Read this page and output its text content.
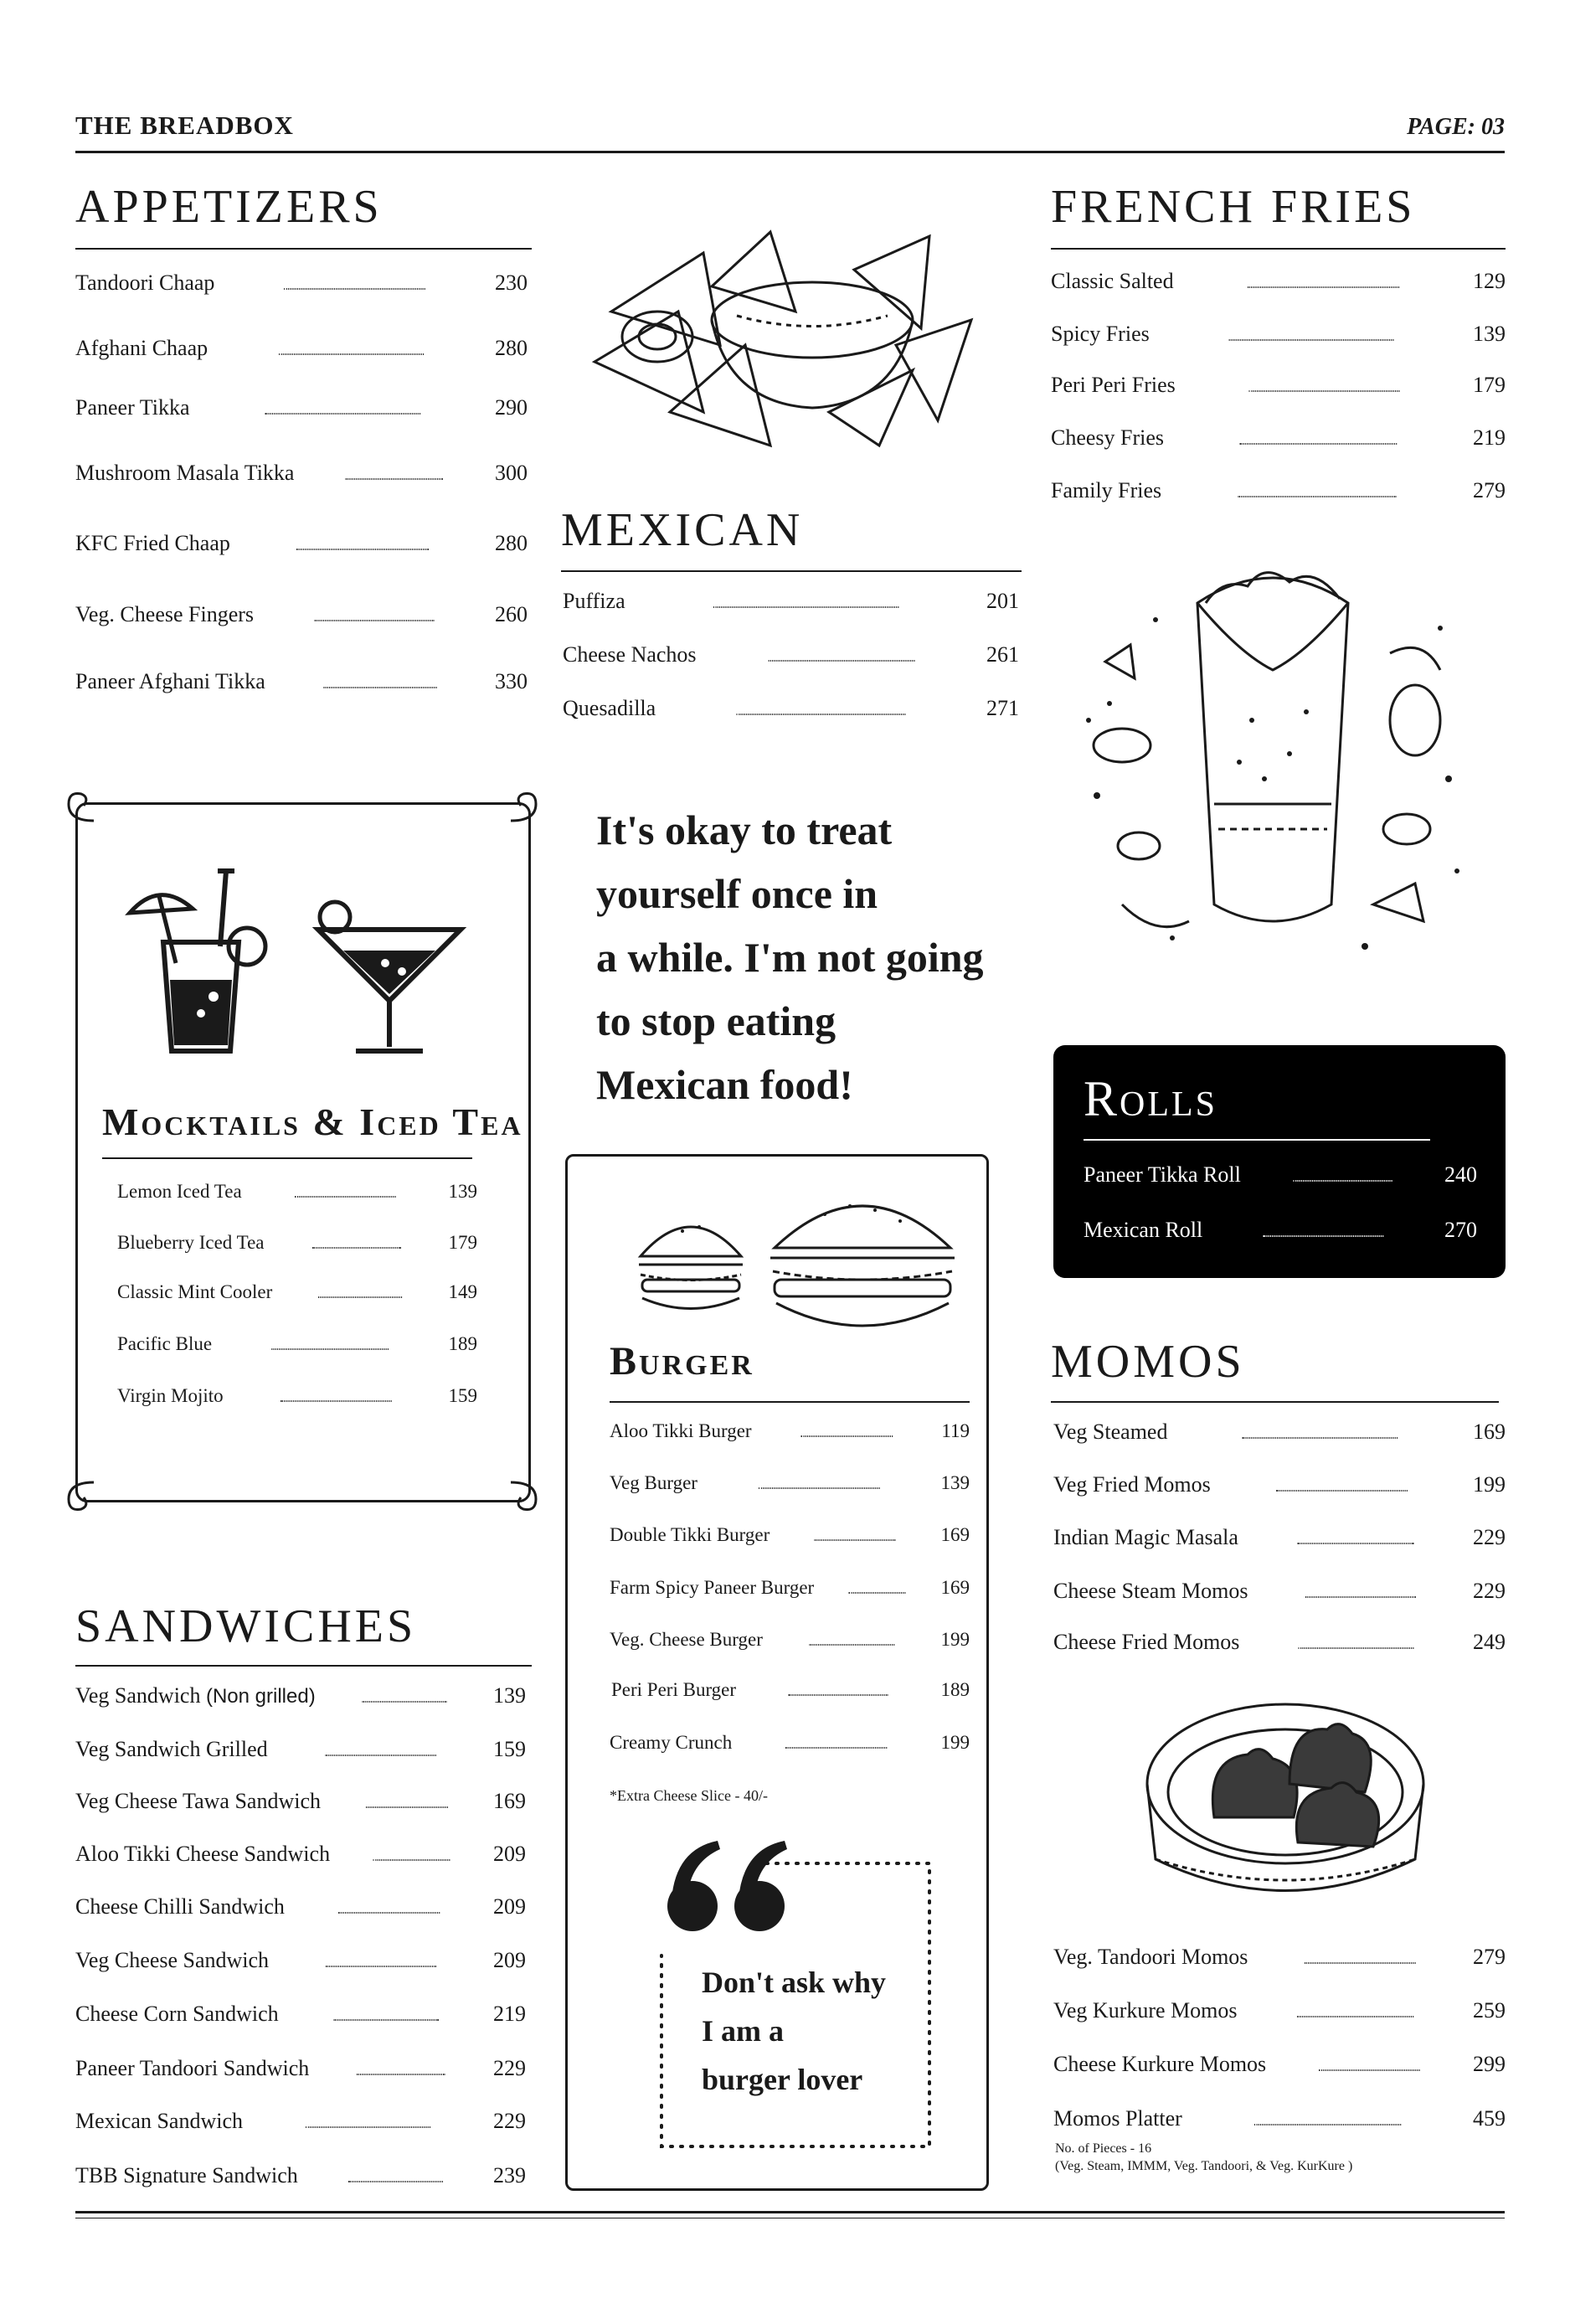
THE BREADBOX	PAGE: 03
APPETIZERS
Tandoori Chaap	230
Afghani Chaap	280
Paneer Tikka	290
Mushroom Masala Tikka	300
KFC Fried Chaap	280
Veg. Cheese Fingers	260
Paneer Afghani Tikka	330
MEXICAN
Puffiza	201
Cheese Nachos	261
Quesadilla	271
FRENCH FRIES
Classic Salted	129
Spicy Fries	139
Peri Peri Fries	179
Cheesy Fries	219
Family Fries	279
Mocktails & Iced Tea
Lemon Iced Tea	139
Blueberry Iced Tea	179
Classic Mint Cooler	149
Pacific Blue	189
Virgin Mojito	159
It's okay to treat
yourself once in
a while. I'm not going
to stop eating
Mexican food!	Rolls
Paneer Tikka Roll	240
Mexican Roll	270
Burger
Aloo Tikki Burger	119
Veg Burger	139
Double Tikki Burger	169
Farm Spicy Paneer Burger	169
Veg. Cheese Burger	199
Peri Peri Burger	189
Creamy Crunch	199
*Extra Cheese Slice - 40/-
Don't ask why
I am a
burger lover
MOMOS
Veg Steamed	169
Veg Fried Momos	199
Indian Magic Masala	229
Cheese Steam Momos	229
Cheese Fried Momos	249
Veg. Tandoori Momos	279
Veg Kurkure Momos	259
Cheese Kurkure Momos	299
Momos Platter	459
No. of Pieces - 16
(Veg. Steam, IMMM, Veg. Tandoori, & Veg. KurKure )
SANDWICHES
Veg Sandwich (Non grilled)	139
Veg Sandwich Grilled	159
Veg Cheese Tawa Sandwich	169
Aloo Tikki Cheese Sandwich	209
Cheese Chilli Sandwich	209
Veg Cheese Sandwich	209
Cheese Corn Sandwich	219
Paneer Tandoori Sandwich	229
Mexican Sandwich	229
TBB Signature Sandwich	239
